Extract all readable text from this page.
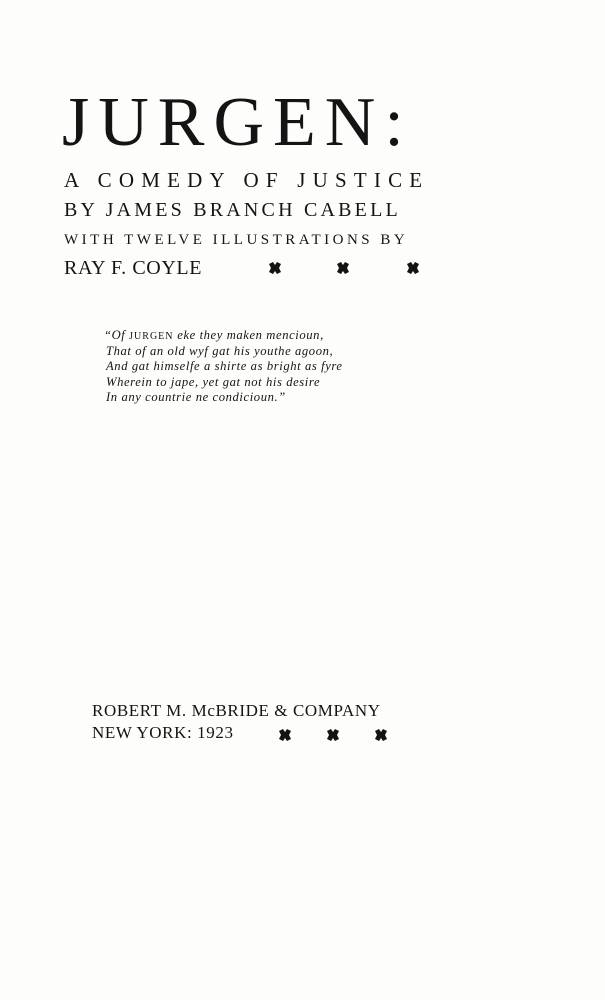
JURGEN:

A COMEDY OF JUSTICE

BY JAMES BRANCH CABELL

WITH TWELVE ILLUSTRATIONS BY

RAY F. COYLE
“Of JURGEN eke they maken mencioun,
That of an old wyf gat his youthe agoon,
And gat himselfe a shirte as bright as fyre
Wherein to jape, yet gat not his desire
In any countrie ne condicioun.”
ROBERT M. McBRIDE & COMPANY
NEW YORK: 1923
